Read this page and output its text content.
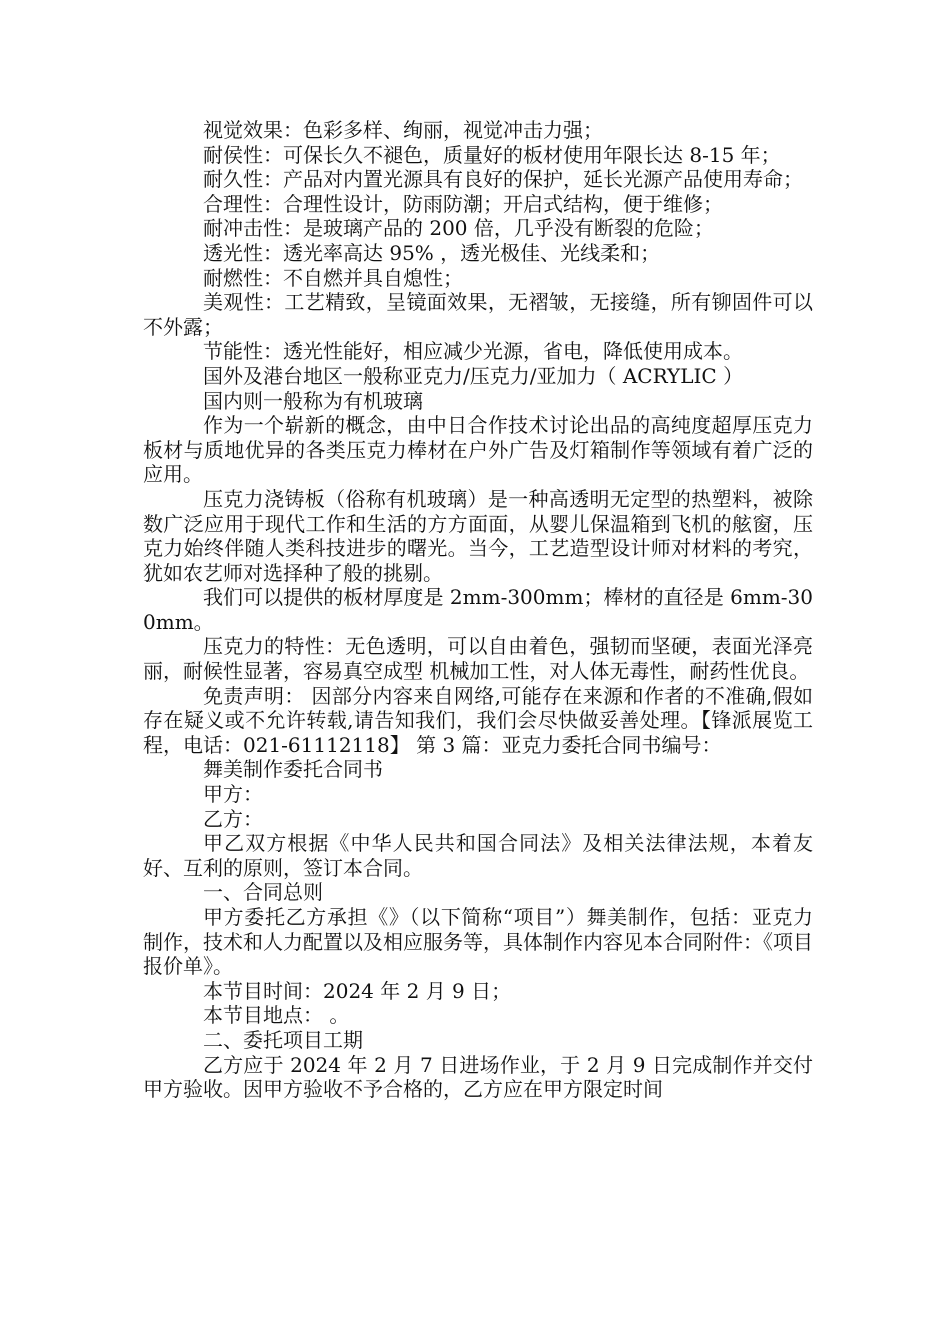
视觉效果：色彩多样、绚丽，视觉冲击力强；

耐侯性：可保长久不褪色，质量好的板材使用年限长达 8-15 年；

耐久性：产品对内置光源具有良好的保护，延长光源产品使用寿命；

合理性：合理性设计，防雨防潮；开启式结构，便于维修；

耐冲击性：是玻璃产品的 200 倍，几乎没有断裂的危险；

透光性：透光率高达 95% ，透光极佳、光线柔和；

耐燃性：不自燃并具自熄性；

美观性：工艺精致，呈镜面效果，无褶皱，无接缝，所有铆固件可以不外露；

节能性：透光性能好，相应减少光源，省电，降低使用成本。

国外及港台地区一般称亚克力/压克力/亚加力（ ACRYLIC ）

国内则一般称为有机玻璃

作为一个崭新的概念，由中日合作技术讨论出品的高纯度超厚压克力板材与质地优异的各类压克力棒材在户外广告及灯箱制作等领域有着广泛的应用。

压克力浇铸板（俗称有机玻璃）是一种高透明无定型的热塑料，被除数广泛应用于现代工作和生活的方方面面，从婴儿保温箱到飞机的舷窗，压克力始终伴随人类科技进步的曙光。当今，工艺造型设计师对材料的考究，犹如农艺师对选择种了般的挑剔。

我们可以提供的板材厚度是 2mm-300mm；棒材的直径是 6mm-300mm。

压克力的特性：无色透明，可以自由着色，强韧而坚硬，表面光泽亮丽，耐候性显著，容易真空成型 机械加工性，对人体无毒性，耐药性优良。

免责声明： 因部分内容来自网络,可能存在来源和作者的不准确,假如存在疑义或不允许转载,请告知我们，我们会尽快做妥善处理。【锋派展览工程，电话：021-61112118】 第 3 篇：亚克力委托合同书编号：

舞美制作委托合同书

甲方：

乙方：

甲乙双方根据《中华人民共和国合同法》及相关法律法规，本着友好、互利的原则，签订本合同。

一、合同总则

甲方委托乙方承担《》（以下简称“项目”）舞美制作，包括：亚克力制作，技术和人力配置以及相应服务等，具体制作内容见本合同附件：《项目报价单》。

本节目时间：2024 年 2 月 9 日；

本节目地点： 。

二、委托项目工期

乙方应于 2024 年 2 月 7 日进场作业，于 2 月 9 日完成制作并交付甲方验收。因甲方验收不予合格的，乙方应在甲方限定时间
